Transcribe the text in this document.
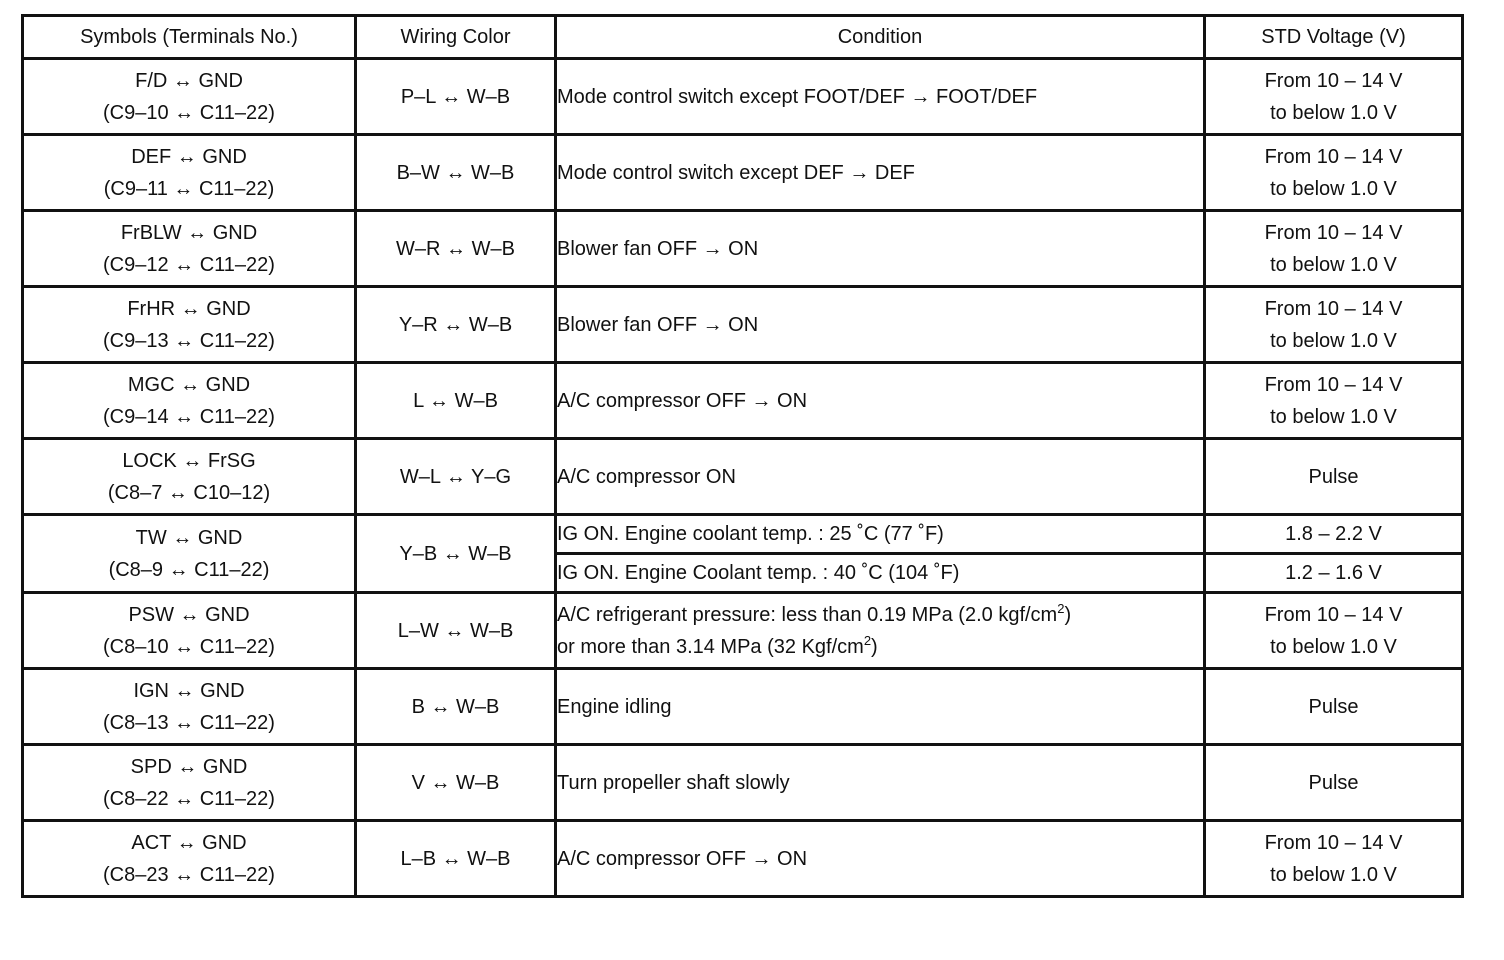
Symbols (Terminals No.)	Wiring Color	Condition	STD Voltage (V)

F/D ↔ GND
(C9–10 ↔ C11–22)	P–L ↔ W–B	Mode control switch except FOOT/DEF → FOOT/DEF	From 10 – 14 V
to below 1.0 V

DEF ↔ GND
(C9–11 ↔ C11–22)	B–W ↔ W–B	Mode control switch except DEF → DEF	From 10 – 14 V
to below 1.0 V

FrBLW ↔ GND
(C9–12 ↔ C11–22)	W–R ↔ W–B	Blower fan OFF → ON	From 10 – 14 V
to below 1.0 V

FrHR ↔ GND
(C9–13 ↔ C11–22)	Y–R ↔ W–B	Blower fan OFF → ON	From 10 – 14 V
to below 1.0 V

MGC ↔ GND
(C9–14 ↔ C11–22)	L ↔ W–B	A/C compressor OFF → ON	From 10 – 14 V
to below 1.0 V

LOCK ↔ FrSG
(C8–7 ↔ C10–12)	W–L ↔ Y–G	A/C compressor ON	Pulse

TW ↔ GND
(C8–9 ↔ C11–22)	Y–B ↔ W–B	IG ON. Engine coolant temp. : 25 ˚C (77 ˚F)	1.8 – 2.2 V
		IG ON. Engine Coolant temp. : 40 ˚C (104 ˚F)	1.2 – 1.6 V

PSW ↔ GND
(C8–10 ↔ C11–22)	L–W ↔ W–B	A/C refrigerant pressure: less than 0.19 MPa (2.0 kgf/$cm^2$)
or more than 3.14 MPa (32 Kgf/$cm^2$)	From 10 – 14 V
to below 1.0 V

IGN ↔ GND
(C8–13 ↔ C11–22)	B ↔ W–B	Engine idling	Pulse

SPD ↔ GND
(C8–22 ↔ C11–22)	V ↔ W–B	Turn propeller shaft slowly	Pulse

ACT ↔ GND
(C8–23 ↔ C11–22)	L–B ↔ W–B	A/C compressor OFF → ON	From 10 – 14 V
to below 1.0 V
